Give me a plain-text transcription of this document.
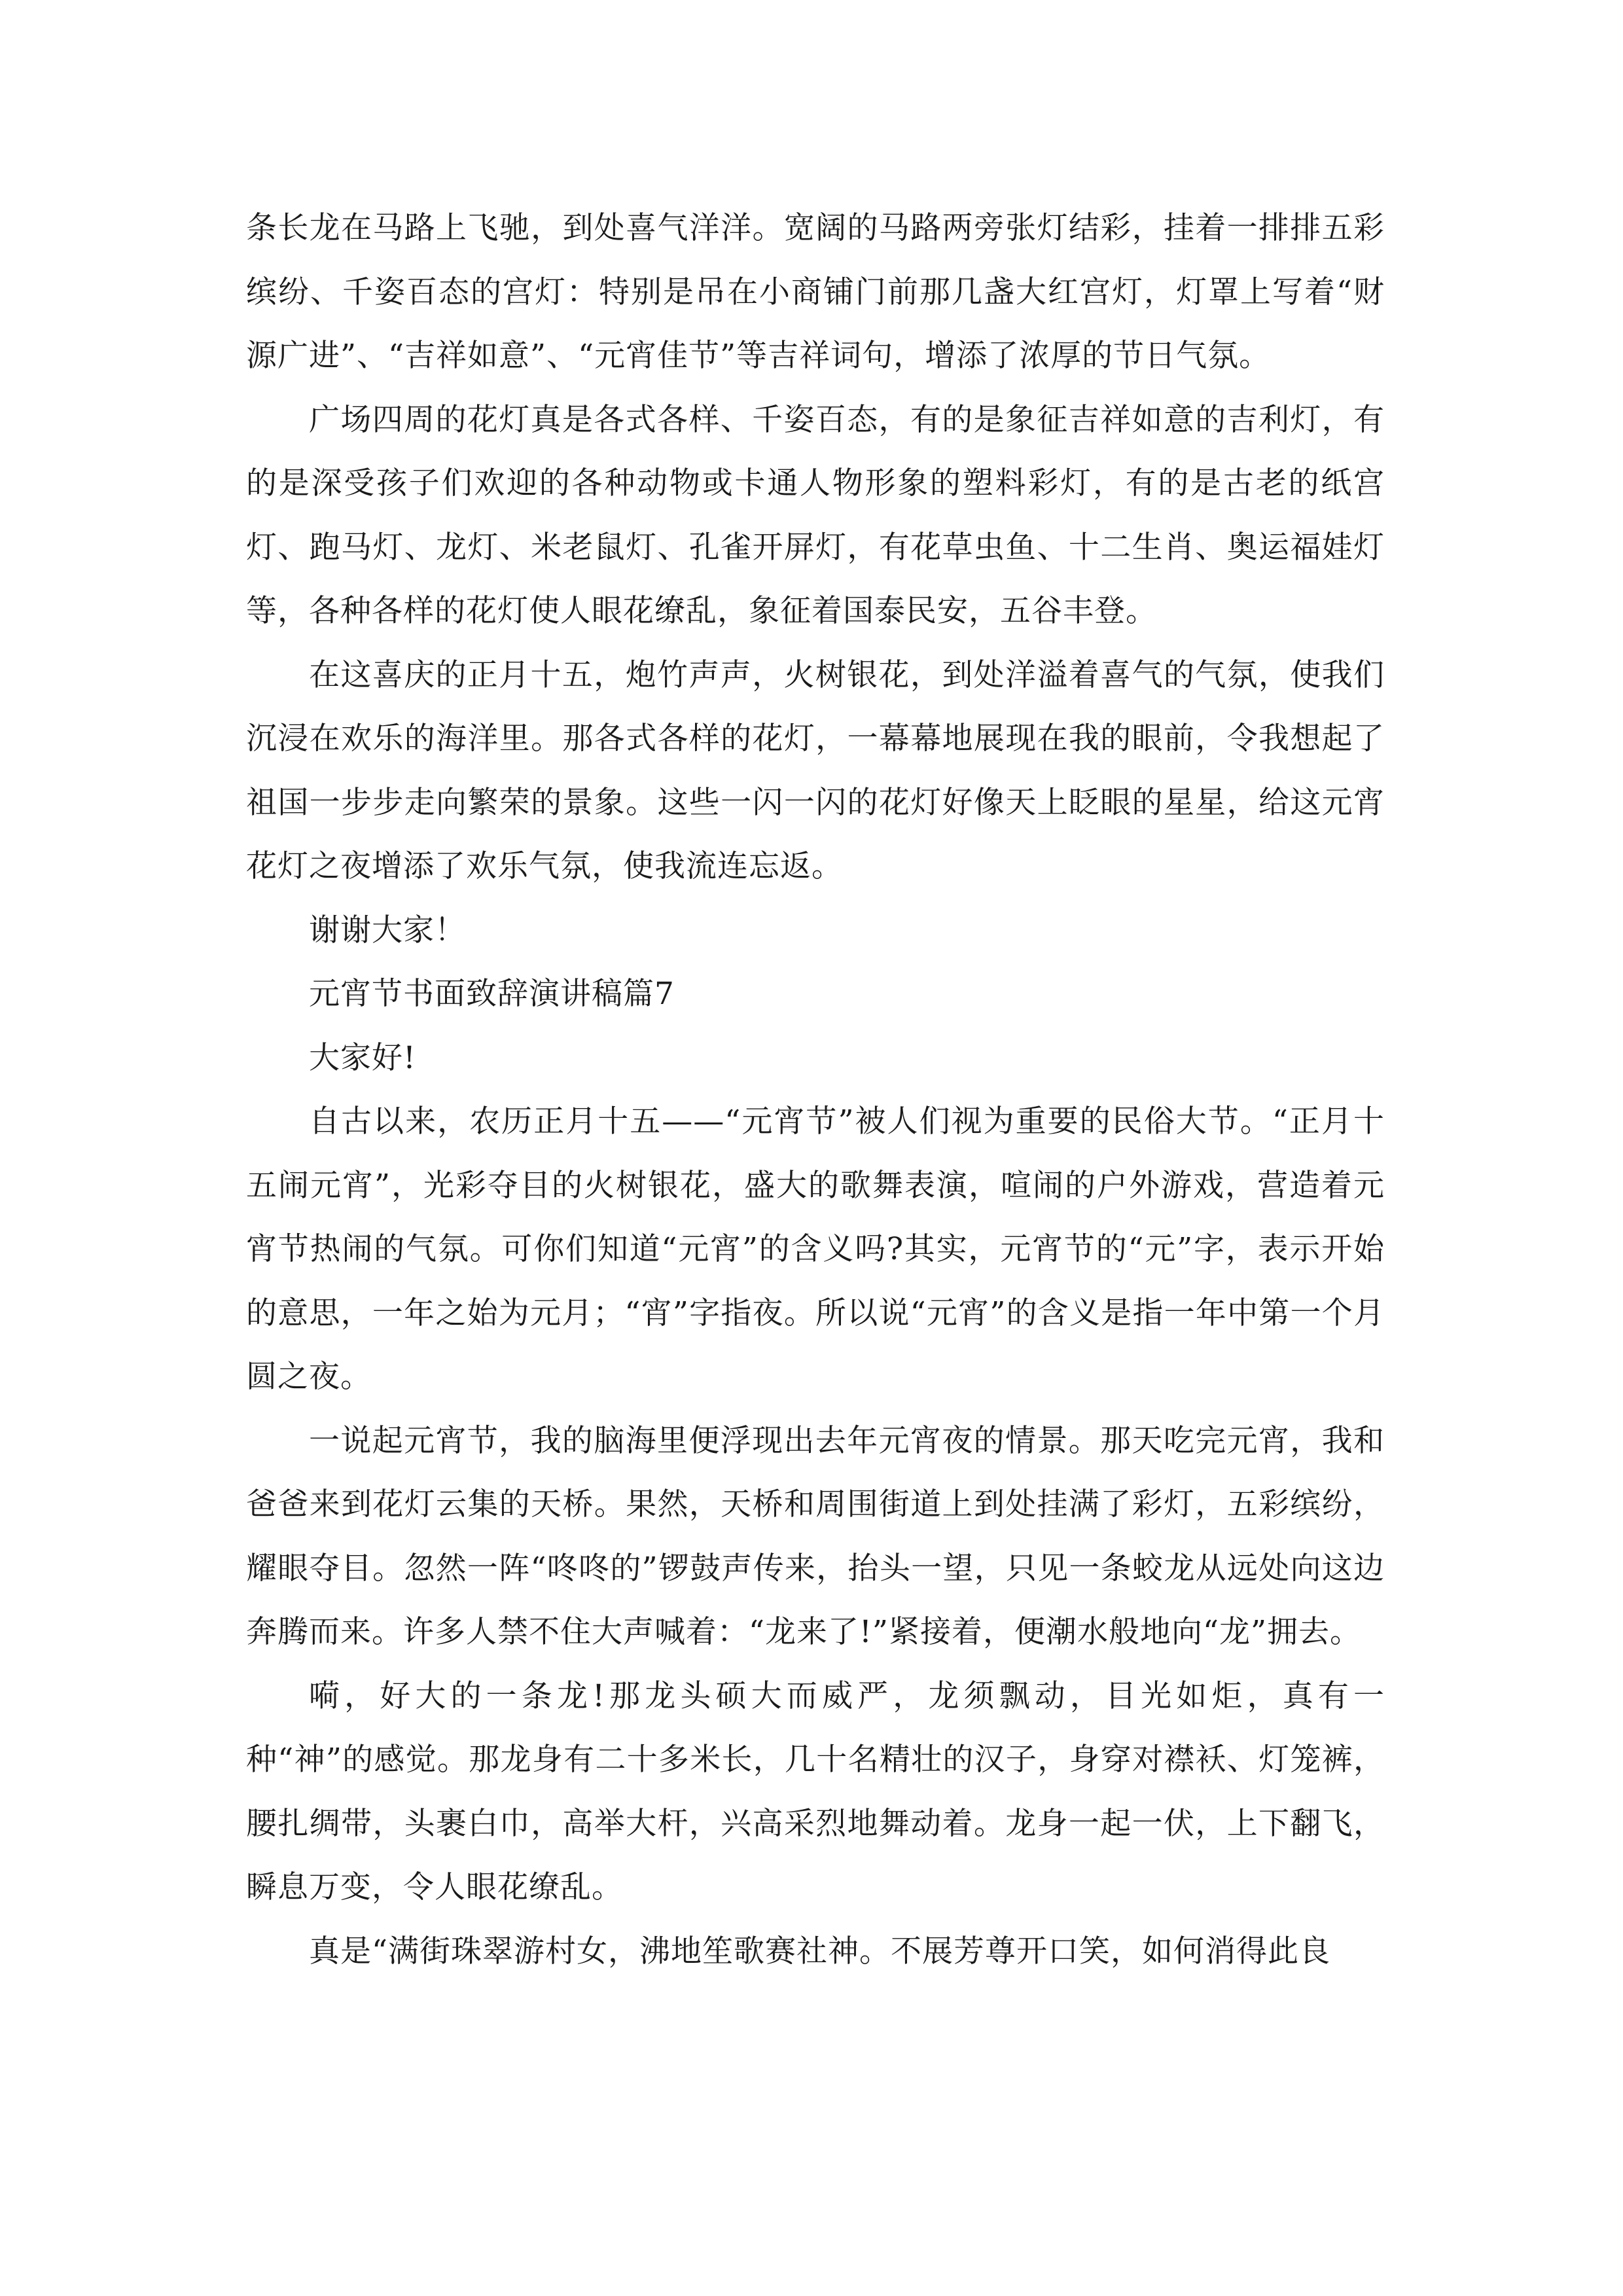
条长龙在马路上飞驰，到处喜气洋洋。宽阔的马路两旁张灯结彩，挂着一排排五彩缤纷、千姿百态的宫灯：特别是吊在小商铺门前那几盏大红宫灯，灯罩上写着“财源广进”、“吉祥如意”、“元宵佳节”等吉祥词句，增添了浓厚的节日气氛。

广场四周的花灯真是各式各样、千姿百态，有的是象征吉祥如意的吉利灯，有的是深受孩子们欢迎的各种动物或卡通人物形象的塑料彩灯，有的是古老的纸宫灯、跑马灯、龙灯、米老鼠灯、孔雀开屏灯，有花草虫鱼、十二生肖、奥运福娃灯等，各种各样的花灯使人眼花缭乱，象征着国泰民安，五谷丰登。

在这喜庆的正月十五，炮竹声声，火树银花，到处洋溢着喜气的气氛，使我们沉浸在欢乐的海洋里。那各式各样的花灯，一幕幕地展现在我的眼前，令我想起了祖国一步步走向繁荣的景象。这些一闪一闪的花灯好像天上眨眼的星星，给这元宵花灯之夜增添了欢乐气氛，使我流连忘返。

谢谢大家！

元宵节书面致辞演讲稿篇7

大家好!

自古以来，农历正月十五——“元宵节”被人们视为重要的民俗大节。“正月十五闹元宵”，光彩夺目的火树银花，盛大的歌舞表演，喧闹的户外游戏，营造着元宵节热闹的气氛。可你们知道“元宵”的含义吗?其实，元宵节的“元”字，表示开始的意思，一年之始为元月；“宵”字指夜。所以说“元宵”的含义是指一年中第一个月圆之夜。

一说起元宵节，我的脑海里便浮现出去年元宵夜的情景。那天吃完元宵，我和爸爸来到花灯云集的天桥。果然，天桥和周围街道上到处挂满了彩灯，五彩缤纷，耀眼夺目。忽然一阵“咚咚的”锣鼓声传来，抬头一望，只见一条蛟龙从远处向这边奔腾而来。许多人禁不住大声喊着：“龙来了!”紧接着，便潮水般地向“龙”拥去。

嗬，好大的一条龙!那龙头硕大而威严，龙须飘动，目光如炬，真有一种“神”的感觉。那龙身有二十多米长，几十名精壮的汉子，身穿对襟袄、灯笼裤，腰扎绸带，头裹白巾，高举大杆，兴高采烈地舞动着。龙身一起一伏，上下翻飞，瞬息万变，令人眼花缭乱。

真是“满街珠翠游村女，沸地笙歌赛社神。不展芳尊开口笑，如何消得此良
